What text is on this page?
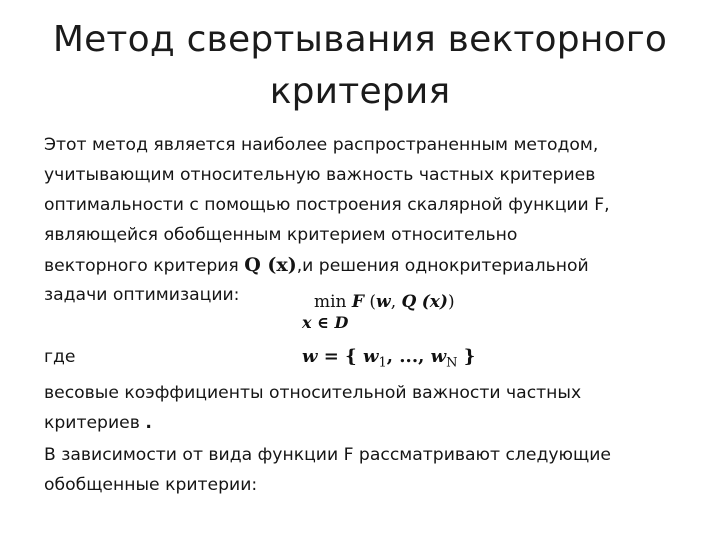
Метод свертывания векторного
критерия
Этот метод является наиболее распространенным методом,
учитывающим относительную важность частных критериев
оптимальности с помощью построения скалярной функции F,
являющейся обобщенным критерием относительно
векторного критерия Q (x),и решения однокритериальной
задачи оптимизации:	min F (w, Q (x))
x ∈ D
где	w = { $w_1$, ..., $w_N$ }
весовые коэффициенты относительной важности частных
критериев .
В зависимости от вида функции F рассматривают следующие
обобщенные критерии:
